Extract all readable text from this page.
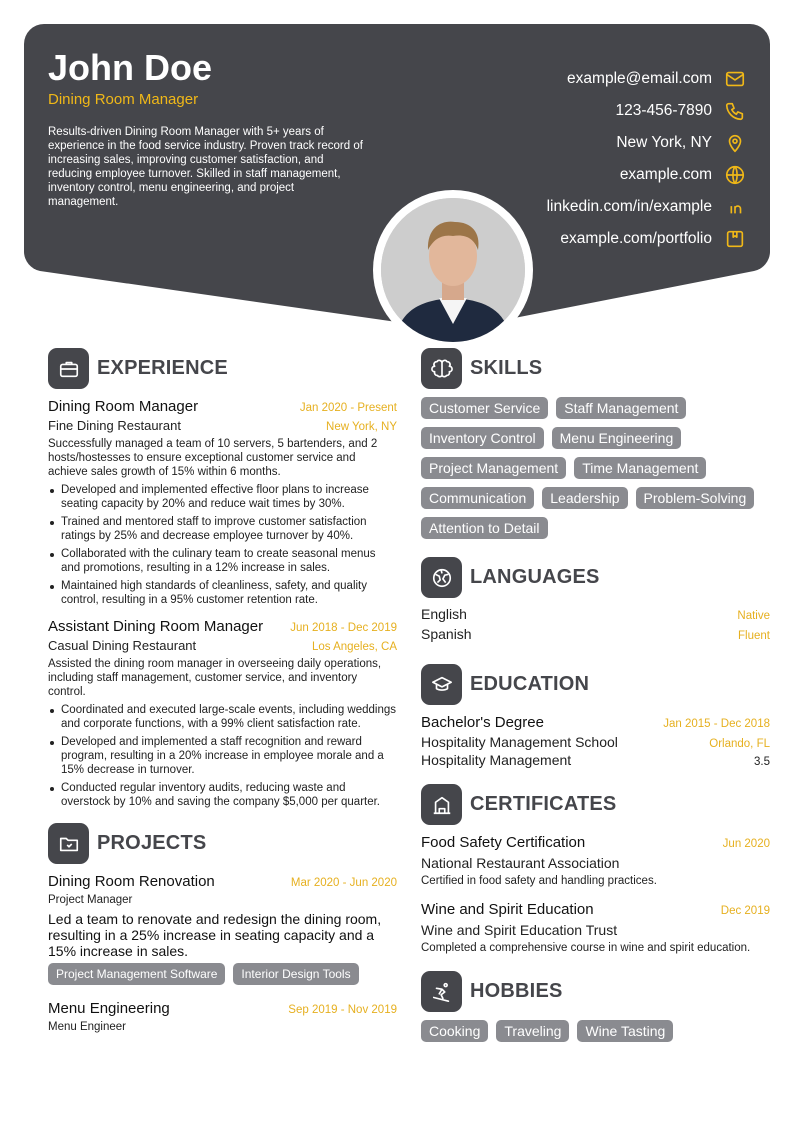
John Doe
Dining Room Manager
Results-driven Dining Room Manager with 5+ years of experience in the food service industry. Proven track record of increasing sales, improving customer satisfaction, and reducing employee turnover. Skilled in staff management, inventory control, menu engineering, and project management.
example@email.com
123-456-7890
New York, NY
example.com
linkedin.com/in/example
example.com/portfolio
EXPERIENCE
Dining Room Manager	Jan 2020 - Present
Fine Dining Restaurant	New York, NY
Successfully managed a team of 10 servers, 5 bartenders, and 2 hosts/hostesses to ensure exceptional customer service and achieve sales growth of 15% within 6 months.
Developed and implemented effective floor plans to increase seating capacity by 20% and reduce wait times by 30%.
Trained and mentored staff to improve customer satisfaction ratings by 25% and decrease employee turnover by 40%.
Collaborated with the culinary team to create seasonal menus and promotions, resulting in a 12% increase in sales.
Maintained high standards of cleanliness, safety, and quality control, resulting in a 95% customer retention rate.
Assistant Dining Room Manager Jun 2018 - Dec 2019
Casual Dining Restaurant	Los Angeles, CA
Assisted the dining room manager in overseeing daily operations, including staff management, customer service, and inventory control.
Coordinated and executed large-scale events, including weddings and corporate functions, with a 99% client satisfaction rate.
Developed and implemented a staff recognition and reward program, resulting in a 20% increase in employee morale and a 15% decrease in turnover.
Conducted regular inventory audits, reducing waste and overstock by 10% and saving the company $5,000 per quarter.
PROJECTS
Dining Room Renovation	Mar 2020 - Jun 2020
Project Manager
Led a team to renovate and redesign the dining room, resulting in a 25% increase in seating capacity and a 15% increase in sales.
Project Management Software	Interior Design Tools
Menu Engineering	Sep 2019 - Nov 2019
Menu Engineer
SKILLS
Customer Service	Staff Management
Inventory Control	Menu Engineering
Project Management	Time Management
Communication	Leadership	Problem-Solving
Attention to Detail
LANGUAGES
English	Native
Spanish	Fluent
EDUCATION
Bachelor's Degree	Jan 2015 - Dec 2018
Hospitality Management School	Orlando, FL
Hospitality Management	3.5
CERTIFICATES
Food Safety Certification	Jun 2020
National Restaurant Association
Certified in food safety and handling practices.
Wine and Spirit Education	Dec 2019
Wine and Spirit Education Trust
Completed a comprehensive course in wine and spirit education.
HOBBIES
Cooking	Traveling	Wine Tasting
